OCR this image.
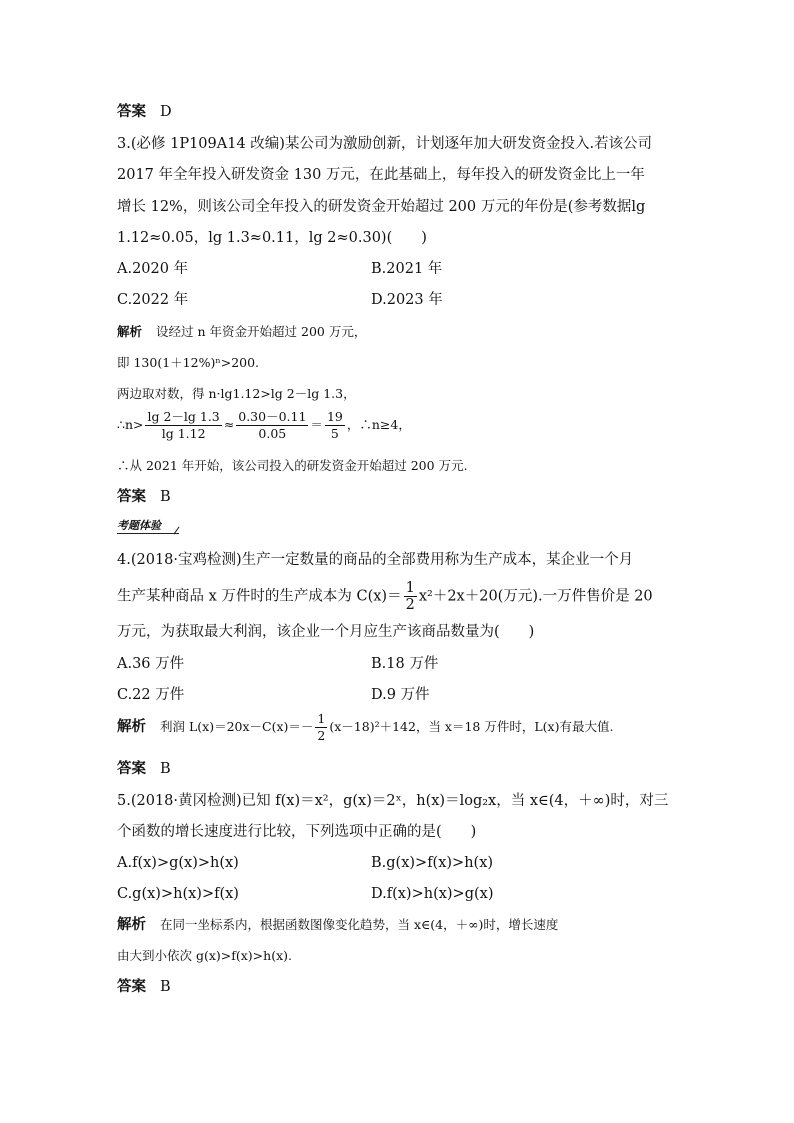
答案 D
3.(必修 1P109A14 改编)某公司为激励创新，计划逐年加大研发资金投入.若该公司
2017 年全年投入研发资金 130 万元，在此基础上，每年投入的研发资金比上一年
增长 12%，则该公司全年投入的研发资金开始超过 200 万元的年份是(参考数据lg
1.12≈0.05，lg 1.3≈0.11，lg 2≈0.30)(　　)
A.2020 年	B.2021 年
C.2022 年	D.2023 年
解析 设经过 n 年资金开始超过 200 万元，
即 130(1＋12%)ⁿ>200.
两边取对数，得 n·lg1.12>lg 2－lg 1.3，
∴n> $\frac{\lg 2-\lg 1.3}{\lg 1.12} \approx \frac{0.30-0.11}{0.05} = \frac{19}{5}$ ，∴n≥4，
∴从 2021 年开始，该公司投入的研发资金开始超过 200 万元.
答案 B
考题体验
4.(2018·宝鸡检测)生产一定数量的商品的全部费用称为生产成本，某企业一个月
生产某种商品 x 万件时的生产成本为 $C(x)= \frac{1}{2} x^2+2x+20$(万元).一万件售价是 20
万元，为获取最大利润，该企业一个月应生产该商品数量为(　　)
A.36 万件	B.18 万件
C.22 万件	D.9 万件
解析 利润 $L(x)=20x-C(x)=- \frac{1}{2} (x-18)^2+142$，当 x＝18 万件时，L(x)有最大值.
答案 B
5.(2018·黄冈检测)已知 f(x)＝x²，g(x)＝2ˣ，h(x)＝log₂x，当 x∈(4，＋∞)时，对三
个函数的增长速度进行比较，下列选项中正确的是(　　)
A.f(x)>g(x)>h(x)	B.g(x)>f(x)>h(x)
C.g(x)>h(x)>f(x)	D.f(x)>h(x)>g(x)
解析 在同一坐标系内，根据函数图像变化趋势，当 x∈(4，＋∞)时，增长速度
由大到小依次 g(x)>f(x)>h(x).
答案 B
